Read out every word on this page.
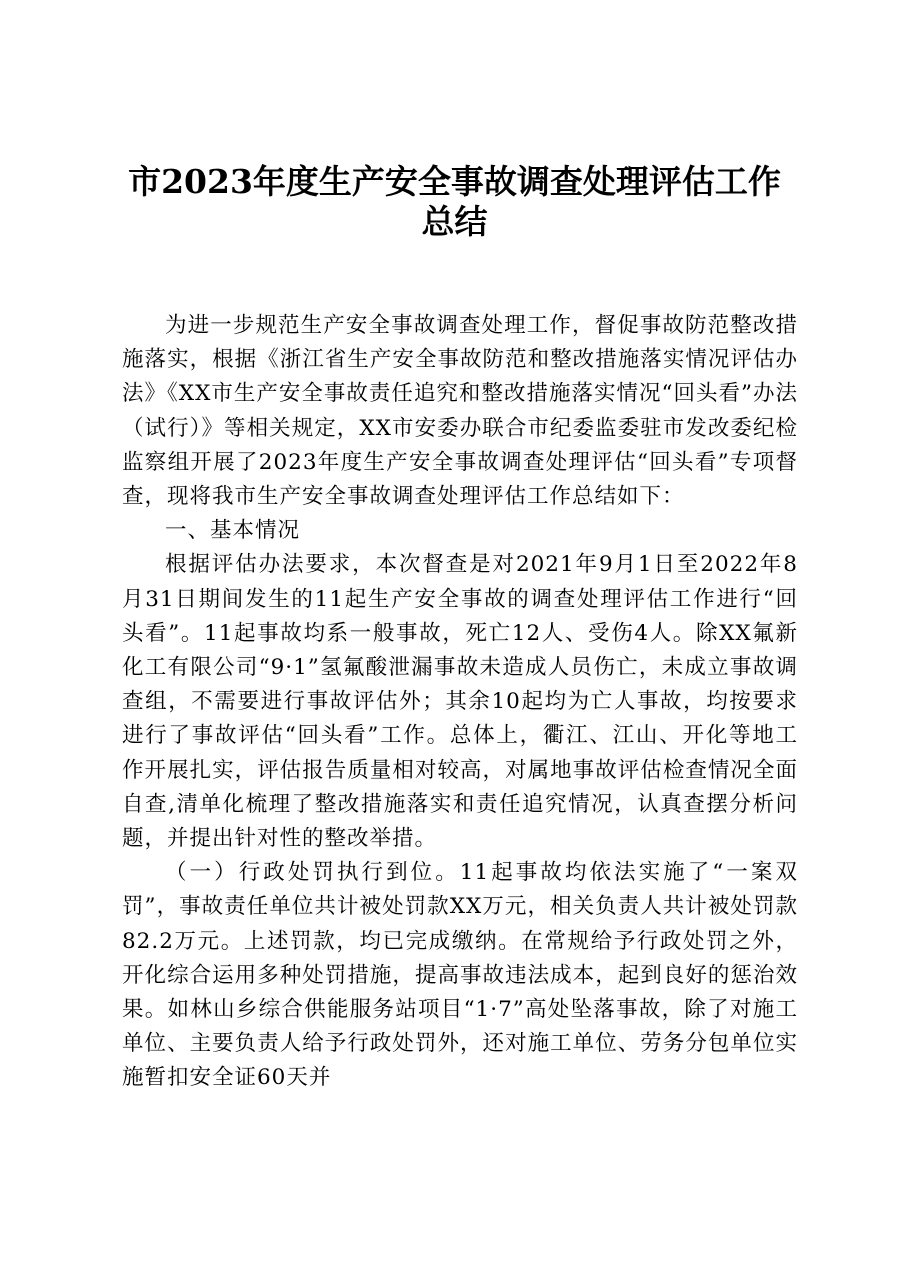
市2023年度生产安全事故调查处理评估工作
总结

为进一步规范生产安全事故调查处理工作，督促事故防范整改措施落实，根据《浙江省生产安全事故防范和整改措施落实情况评估办法》《XX市生产安全事故责任追究和整改措施落实情况“回头看”办法（试行）》等相关规定，XX市安委办联合市纪委监委驻市发改委纪检监察组开展了2023年度生产安全事故调查处理评估“回头看”专项督查，现将我市生产安全事故调查处理评估工作总结如下：

一、基本情况

根据评估办法要求，本次督查是对2021年9月1日至2022年8月31日期间发生的11起生产安全事故的调查处理评估工作进行“回头看”。11起事故均系一般事故，死亡12人、受伤4人。除XX氟新化工有限公司“9·1”氢氟酸泄漏事故未造成人员伤亡，未成立事故调查组，不需要进行事故评估外；其余10起均为亡人事故，均按要求进行了事故评估“回头看”工作。总体上，衢江、江山、开化等地工作开展扎实，评估报告质量相对较高，对属地事故评估检查情况全面自查,清单化梳理了整改措施落实和责任追究情况，认真查摆分析问题，并提出针对性的整改举措。

（一）行政处罚执行到位。11起事故均依法实施了“一案双罚”，事故责任单位共计被处罚款XX万元，相关负责人共计被处罚款82.2万元。上述罚款，均已完成缴纳。在常规给予行政处罚之外，开化综合运用多种处罚措施，提高事故违法成本，起到良好的惩治效果。如林山乡综合供能服务站项目“1·7”高处坠落事故，除了对施工单位、主要负责人给予行政处罚外，还对施工单位、劳务分包单位实施暂扣安全证60天并
